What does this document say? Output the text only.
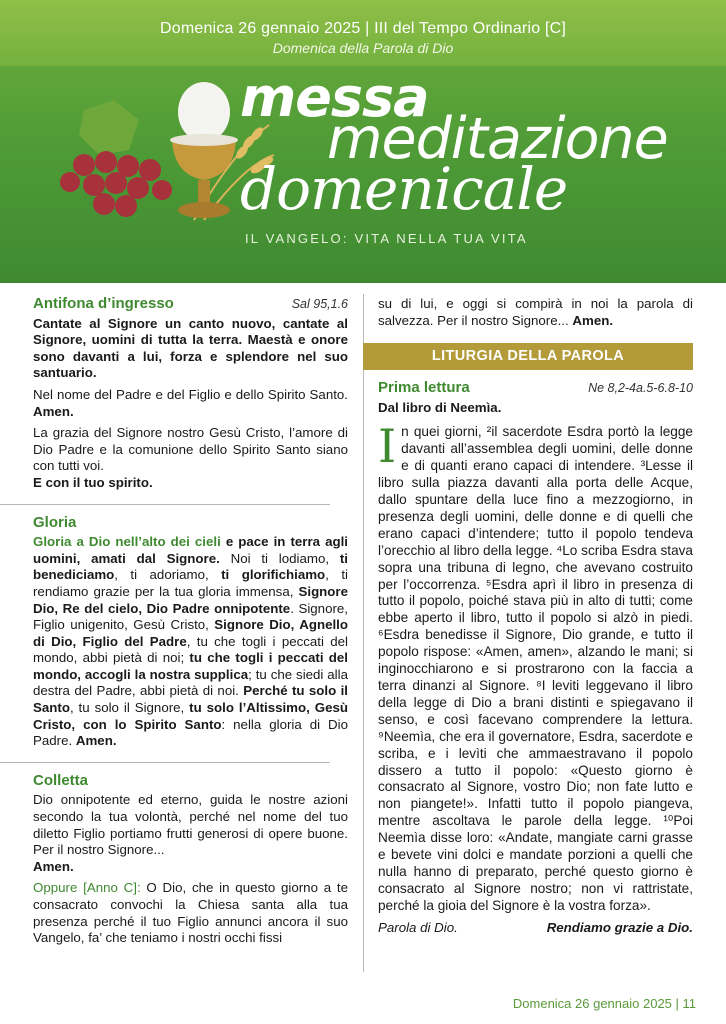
Domenica 26 gennaio 2025 | III del Tempo Ordinario [C]
Domenica della Parola di Dio
messa
meditazione
domenicale
IL VANGELO: VITA NELLA TUA VITA
Antifona d’ingresso	Sal 95,1.6

Cantate al Signore un canto nuovo, cantate al Signore, uomini di tutta la terra. Maestà e onore sono davanti a lui, forza e splendore nel suo santuario.

Nel nome del Padre e del Figlio e dello Spirito Santo. Amen.

La grazia del Signore nostro Gesù Cristo, l’amore di Dio Padre e la comunione dello Spirito Santo siano con tutti voi.

E con il tuo spirito.

Gloria

Gloria a Dio nell’alto dei cieli e pace in terra agli uomini, amati dal Signore. Noi ti lodiamo, ti benediciamo, ti adoriamo, ti glorifichiamo, ti rendiamo grazie per la tua gloria immensa, Signore Dio, Re del cielo, Dio Padre onnipotente. Signore, Figlio unigenito, Gesù Cristo, Signore Dio, Agnello di Dio, Figlio del Padre, tu che togli i peccati del mondo, abbi pietà di noi; tu che togli i peccati del mondo, accogli la nostra supplica; tu che siedi alla destra del Padre, abbi pietà di noi. Perché tu solo il Santo, tu solo il Signore, tu solo l’Altissimo, Gesù Cristo, con lo Spirito Santo: nella gloria di Dio Padre. Amen.

Colletta

Dio onnipotente ed eterno, guida le nostre azioni secondo la tua volontà, perché nel nome del tuo diletto Figlio portiamo frutti generosi di opere buone. Per il nostro Signore...

Amen.

Oppure [Anno C]: O Dio, che in questo giorno a te consacrato convochi la Chiesa santa alla tua presenza perché il tuo Figlio annunci ancora il suo Vangelo, fa’ che teniamo i nostri occhi fissi

su di lui, e oggi si compirà in noi la parola di salvezza. Per il nostro Signore... Amen.

LITURGIA DELLA PAROLA
Prima lettura	Ne 8,2-4a.5-6.8-10

Dal libro di Neemìa.

In quei giorni, ²il sacerdote Esdra portò la legge davanti all’assemblea degli uomini, delle donne e di quanti erano capaci di intendere. ³Lesse il libro sulla piazza davanti alla porta delle Acque, dallo spuntare della luce fino a mezzogiorno, in presenza degli uomini, delle donne e di quelli che erano capaci d’intendere; tutto il popolo tendeva l’orecchio al libro della legge. ⁴Lo scriba Esdra stava sopra una tribuna di legno, che avevano costruito per l’occorrenza. ⁵Esdra aprì il libro in presenza di tutto il popolo, poiché stava più in alto di tutti; come ebbe aperto il libro, tutto il popolo si alzò in piedi. ⁶Esdra benedisse il Signore, Dio grande, e tutto il popolo rispose: «Amen, amen», alzando le mani; si inginocchiarono e si prostrarono con la faccia a terra dinanzi al Signore. ⁸I leviti leggevano il libro della legge di Dio a brani distinti e spiegavano il senso, e così facevano comprendere la lettura. ⁹Neemìa, che era il governatore, Esdra, sacerdote e scriba, e i levìti che ammaestravano il popolo dissero a tutto il popolo: «Questo giorno è consacrato al Signore, vostro Dio; non fate lutto e non piangete!». Infatti tutto il popolo piangeva, mentre ascoltava le parole della legge. ¹⁰Poi Neemìa disse loro: «Andate, mangiate carni grasse e bevete vini dolci e mandate porzioni a quelli che nulla hanno di preparato, perché questo giorno è consacrato al Signore nostro; non vi rattristate, perché la gioia del Signore è la vostra forza».

Parola di Dio.	Rendiamo grazie a Dio.
Domenica 26 gennaio 2025 | 11
